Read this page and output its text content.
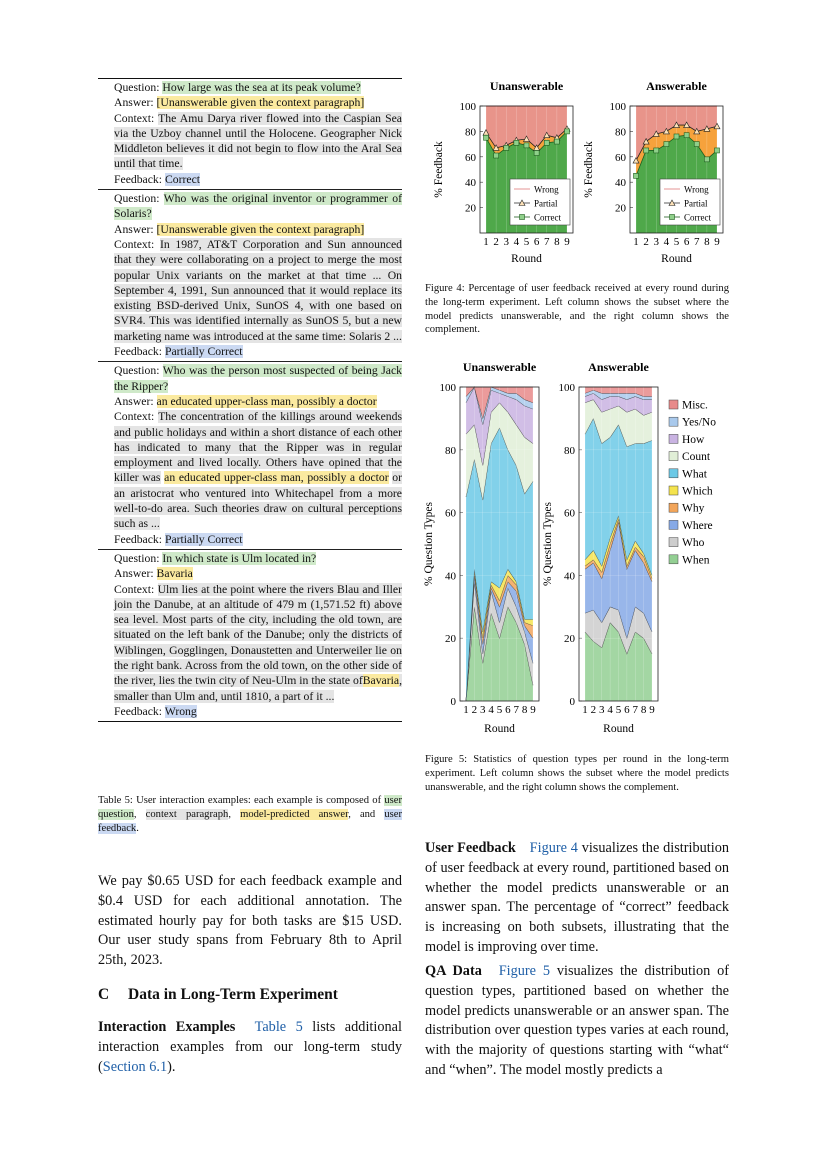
Question: How large was the sea at its peak volume?
Answer: [Unanswerable given the context paragraph]
Context: The Amu Darya river flowed into the Caspian Sea via the Uzboy channel until the Holocene. Geographer Nick Middleton believes it did not begin to flow into the Aral Sea until that time.
Feedback: Correct
Question: Who was the original inventor or programmer of Solaris?
Answer: [Unanswerable given the context paragraph]
Context: In 1987, AT&T Corporation and Sun announced that they were collaborating on a project to merge the most popular Unix variants on the market at that time ... On September 4, 1991, Sun announced that it would replace its existing BSD-derived Unix, SunOS 4, with one based on SVR4. This was identified internally as SunOS 5, but a new marketing name was introduced at the same time: Solaris 2 ...
Feedback: Partially Correct
Question: Who was the person most suspected of being Jack the Ripper?
Answer: an educated upper-class man, possibly a doctor
Context: The concentration of the killings around weekends and public holidays and within a short distance of each other has indicated to many that the Ripper was in regular employment and lived locally. Others have opined that the killer was an educated upper-class man, possibly a doctor or an aristocrat who ventured into Whitechapel from a more well-to-do area. Such theories draw on cultural perceptions such as ...
Feedback: Partially Correct
Question: In which state is Ulm located in?
Answer: Bavaria
Context: Ulm lies at the point where the rivers Blau and Iller join the Danube, at an altitude of 479 m (1,571.52 ft) above sea level. Most parts of the city, including the old town, are situated on the left bank of the Danube; only the districts of Wiblingen, Gogglingen, Donaustetten and Unterweiler lie on the right bank. Across from the old town, on the other side of the river, lies the twin city of Neu-Ulm in the state ofBavaria, smaller than Ulm and, until 1810, a part of it ...
Feedback: Wrong
Table 5: User interaction examples: each example is composed of user question, context paragraph, model-predicted answer, and user feedback.
We pay $0.65 USD for each feedback example and $0.4 USD for each additional annotation. The estimated hourly pay for both tasks are $15 USD. Our user study spans from February 8th to April 25th, 2023.
C Data in Long-Term Experiment
Interaction Examples Table 5 lists additional interaction examples from our long-term study (Section 6.1).
Unanswerable
20
40
60
80
100
1 2 3 4 5 6 7 8 9
Round
% Feedback	Wrong
Partial
Correct
Answerable
20
40
60
80
100
1 2 3 4 5 6 7 8 9
Round
% Feedback	Wrong
Partial
Correct
Figure 4: Percentage of user feedback received at every round during the long-term experiment. Left column shows the subset where the model predicts unanswerable, and the right column shows the complement.
Unanswerable
0
20
40
60
80
100
1 2 3 4 5 6 7 8 9
Round
% Question Types
Answerable
0
20
40
60
80
100
1 2 3 4 5 6 7 8 9
Round
% Question Types
Misc.
Yes/No
How
Count
What
Which
Why
Where
Who
When
Figure 5: Statistics of question types per round in the long-term experiment. Left column shows the subset where the model predicts unanswerable, and the right column shows the complement.
User Feedback Figure 4 visualizes the distribution of user feedback at every round, partitioned based on whether the model predicts unanswerable or an answer span. The percentage of “correct” feedback is increasing on both subsets, illustrating that the model is improving over time.
QA Data Figure 5 visualizes the distribution of question types, partitioned based on whether the model predicts unanswerable or an answer span. The distribution over question types varies at each round, with the majority of questions starting with “what“ and “when”. The model mostly predicts a
